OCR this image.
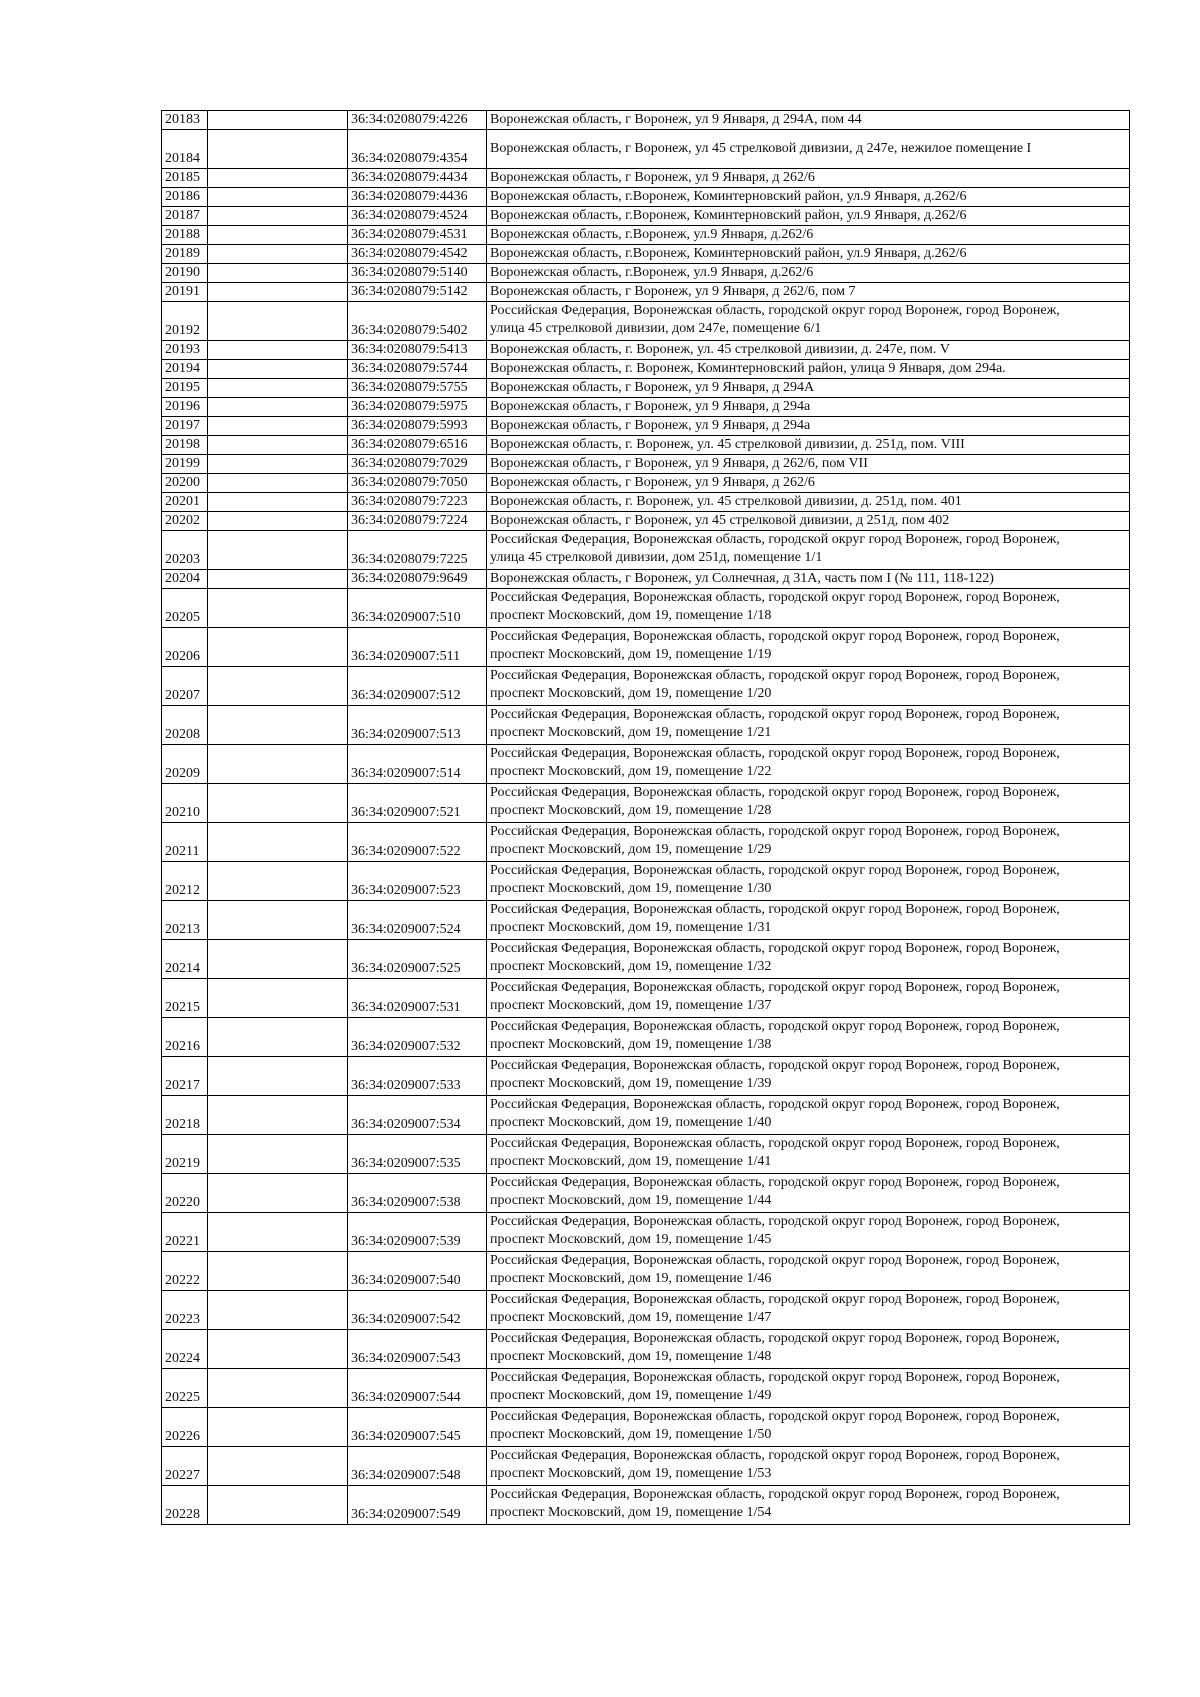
20183		36:34:0208079:4226	Воронежская область, г Воронеж, ул 9 Января, д 294А, пом 44

20184		36:34:0208079:4354	Воронежская область, г Воронеж, ул 45 стрелковой дивизии, д 247е, нежилое помещение I

20185		36:34:0208079:4434	Воронежская область, г Воронеж, ул 9 Января, д 262/6

20186		36:34:0208079:4436	Воронежская область, г.Воронеж, Коминтерновский район, ул.9 Января, д.262/6

20187		36:34:0208079:4524	Воронежская область, г.Воронеж, Коминтерновский район, ул.9 Января, д.262/6

20188		36:34:0208079:4531	Воронежская область, г.Воронеж, ул.9 Января, д.262/6

20189		36:34:0208079:4542	Воронежская область, г.Воронеж, Коминтерновский район, ул.9 Января, д.262/6

20190		36:34:0208079:5140	Воронежская область, г.Воронеж, ул.9 Января, д.262/6

20191		36:34:0208079:5142	Воронежская область, г Воронеж, ул 9 Января, д 262/6, пом 7

20192		36:34:0208079:5402	Российская Федерация, Воронежская область, городской округ город Воронеж, город Воронеж,
улица 45 стрелковой дивизии, дом 247е, помещение 6/1

20193		36:34:0208079:5413	Воронежская область, г. Воронеж, ул. 45 стрелковой дивизии, д. 247е, пом. V

20194		36:34:0208079:5744	Воронежская область, г. Воронеж, Коминтерновский район, улица 9 Января, дом 294а.

20195		36:34:0208079:5755	Воронежская область, г Воронеж, ул 9 Января, д 294А

20196		36:34:0208079:5975	Воронежская область, г Воронеж, ул 9 Января, д 294а

20197		36:34:0208079:5993	Воронежская область, г Воронеж, ул 9 Января, д 294а

20198		36:34:0208079:6516	Воронежская область, г. Воронеж, ул. 45 стрелковой дивизии, д. 251д, пом. VIII

20199		36:34:0208079:7029	Воронежская область, г Воронеж, ул 9 Января, д 262/6, пом VII

20200		36:34:0208079:7050	Воронежская область, г Воронеж, ул 9 Января, д 262/6

20201		36:34:0208079:7223	Воронежская область, г. Воронеж, ул. 45 стрелковой дивизии, д. 251д, пом. 401

20202		36:34:0208079:7224	Воронежская область, г Воронеж, ул 45 стрелковой дивизии, д 251д, пом 402

20203		36:34:0208079:7225	Российская Федерация, Воронежская область, городской округ город Воронеж, город Воронеж,
улица 45 стрелковой дивизии, дом 251д, помещение 1/1

20204		36:34:0208079:9649	Воронежская область, г Воронеж, ул Солнечная, д 31А, часть пом I (№ 111, 118-122)

20205		36:34:0209007:510	Российская Федерация, Воронежская область, городской округ город Воронеж, город Воронеж,
проспект Московский, дом 19, помещение 1/18

20206		36:34:0209007:511	Российская Федерация, Воронежская область, городской округ город Воронеж, город Воронеж,
проспект Московский, дом 19, помещение 1/19

20207		36:34:0209007:512	Российская Федерация, Воронежская область, городской округ город Воронеж, город Воронеж,
проспект Московский, дом 19, помещение 1/20

20208		36:34:0209007:513	Российская Федерация, Воронежская область, городской округ город Воронеж, город Воронеж,
проспект Московский, дом 19, помещение 1/21

20209		36:34:0209007:514	Российская Федерация, Воронежская область, городской округ город Воронеж, город Воронеж,
проспект Московский, дом 19, помещение 1/22

20210		36:34:0209007:521	Российская Федерация, Воронежская область, городской округ город Воронеж, город Воронеж,
проспект Московский, дом 19, помещение 1/28

20211		36:34:0209007:522	Российская Федерация, Воронежская область, городской округ город Воронеж, город Воронеж,
проспект Московский, дом 19, помещение 1/29

20212		36:34:0209007:523	Российская Федерация, Воронежская область, городской округ город Воронеж, город Воронеж,
проспект Московский, дом 19, помещение 1/30

20213		36:34:0209007:524	Российская Федерация, Воронежская область, городской округ город Воронеж, город Воронеж,
проспект Московский, дом 19, помещение 1/31

20214		36:34:0209007:525	Российская Федерация, Воронежская область, городской округ город Воронеж, город Воронеж,
проспект Московский, дом 19, помещение 1/32

20215		36:34:0209007:531	Российская Федерация, Воронежская область, городской округ город Воронеж, город Воронеж,
проспект Московский, дом 19, помещение 1/37

20216		36:34:0209007:532	Российская Федерация, Воронежская область, городской округ город Воронеж, город Воронеж,
проспект Московский, дом 19, помещение 1/38

20217		36:34:0209007:533	Российская Федерация, Воронежская область, городской округ город Воронеж, город Воронеж,
проспект Московский, дом 19, помещение 1/39

20218		36:34:0209007:534	Российская Федерация, Воронежская область, городской округ город Воронеж, город Воронеж,
проспект Московский, дом 19, помещение 1/40

20219		36:34:0209007:535	Российская Федерация, Воронежская область, городской округ город Воронеж, город Воронеж,
проспект Московский, дом 19, помещение 1/41

20220		36:34:0209007:538	Российская Федерация, Воронежская область, городской округ город Воронеж, город Воронеж,
проспект Московский, дом 19, помещение 1/44

20221		36:34:0209007:539	Российская Федерация, Воронежская область, городской округ город Воронеж, город Воронеж,
проспект Московский, дом 19, помещение 1/45

20222		36:34:0209007:540	Российская Федерация, Воронежская область, городской округ город Воронеж, город Воронеж,
проспект Московский, дом 19, помещение 1/46

20223		36:34:0209007:542	Российская Федерация, Воронежская область, городской округ город Воронеж, город Воронеж,
проспект Московский, дом 19, помещение 1/47

20224		36:34:0209007:543	Российская Федерация, Воронежская область, городской округ город Воронеж, город Воронеж,
проспект Московский, дом 19, помещение 1/48

20225		36:34:0209007:544	Российская Федерация, Воронежская область, городской округ город Воронеж, город Воронеж,
проспект Московский, дом 19, помещение 1/49

20226		36:34:0209007:545	Российская Федерация, Воронежская область, городской округ город Воронеж, город Воронеж,
проспект Московский, дом 19, помещение 1/50

20227		36:34:0209007:548	Российская Федерация, Воронежская область, городской округ город Воронеж, город Воронеж,
проспект Московский, дом 19, помещение 1/53

20228		36:34:0209007:549	Российская Федерация, Воронежская область, городской округ город Воронеж, город Воронеж,
проспект Московский, дом 19, помещение 1/54
